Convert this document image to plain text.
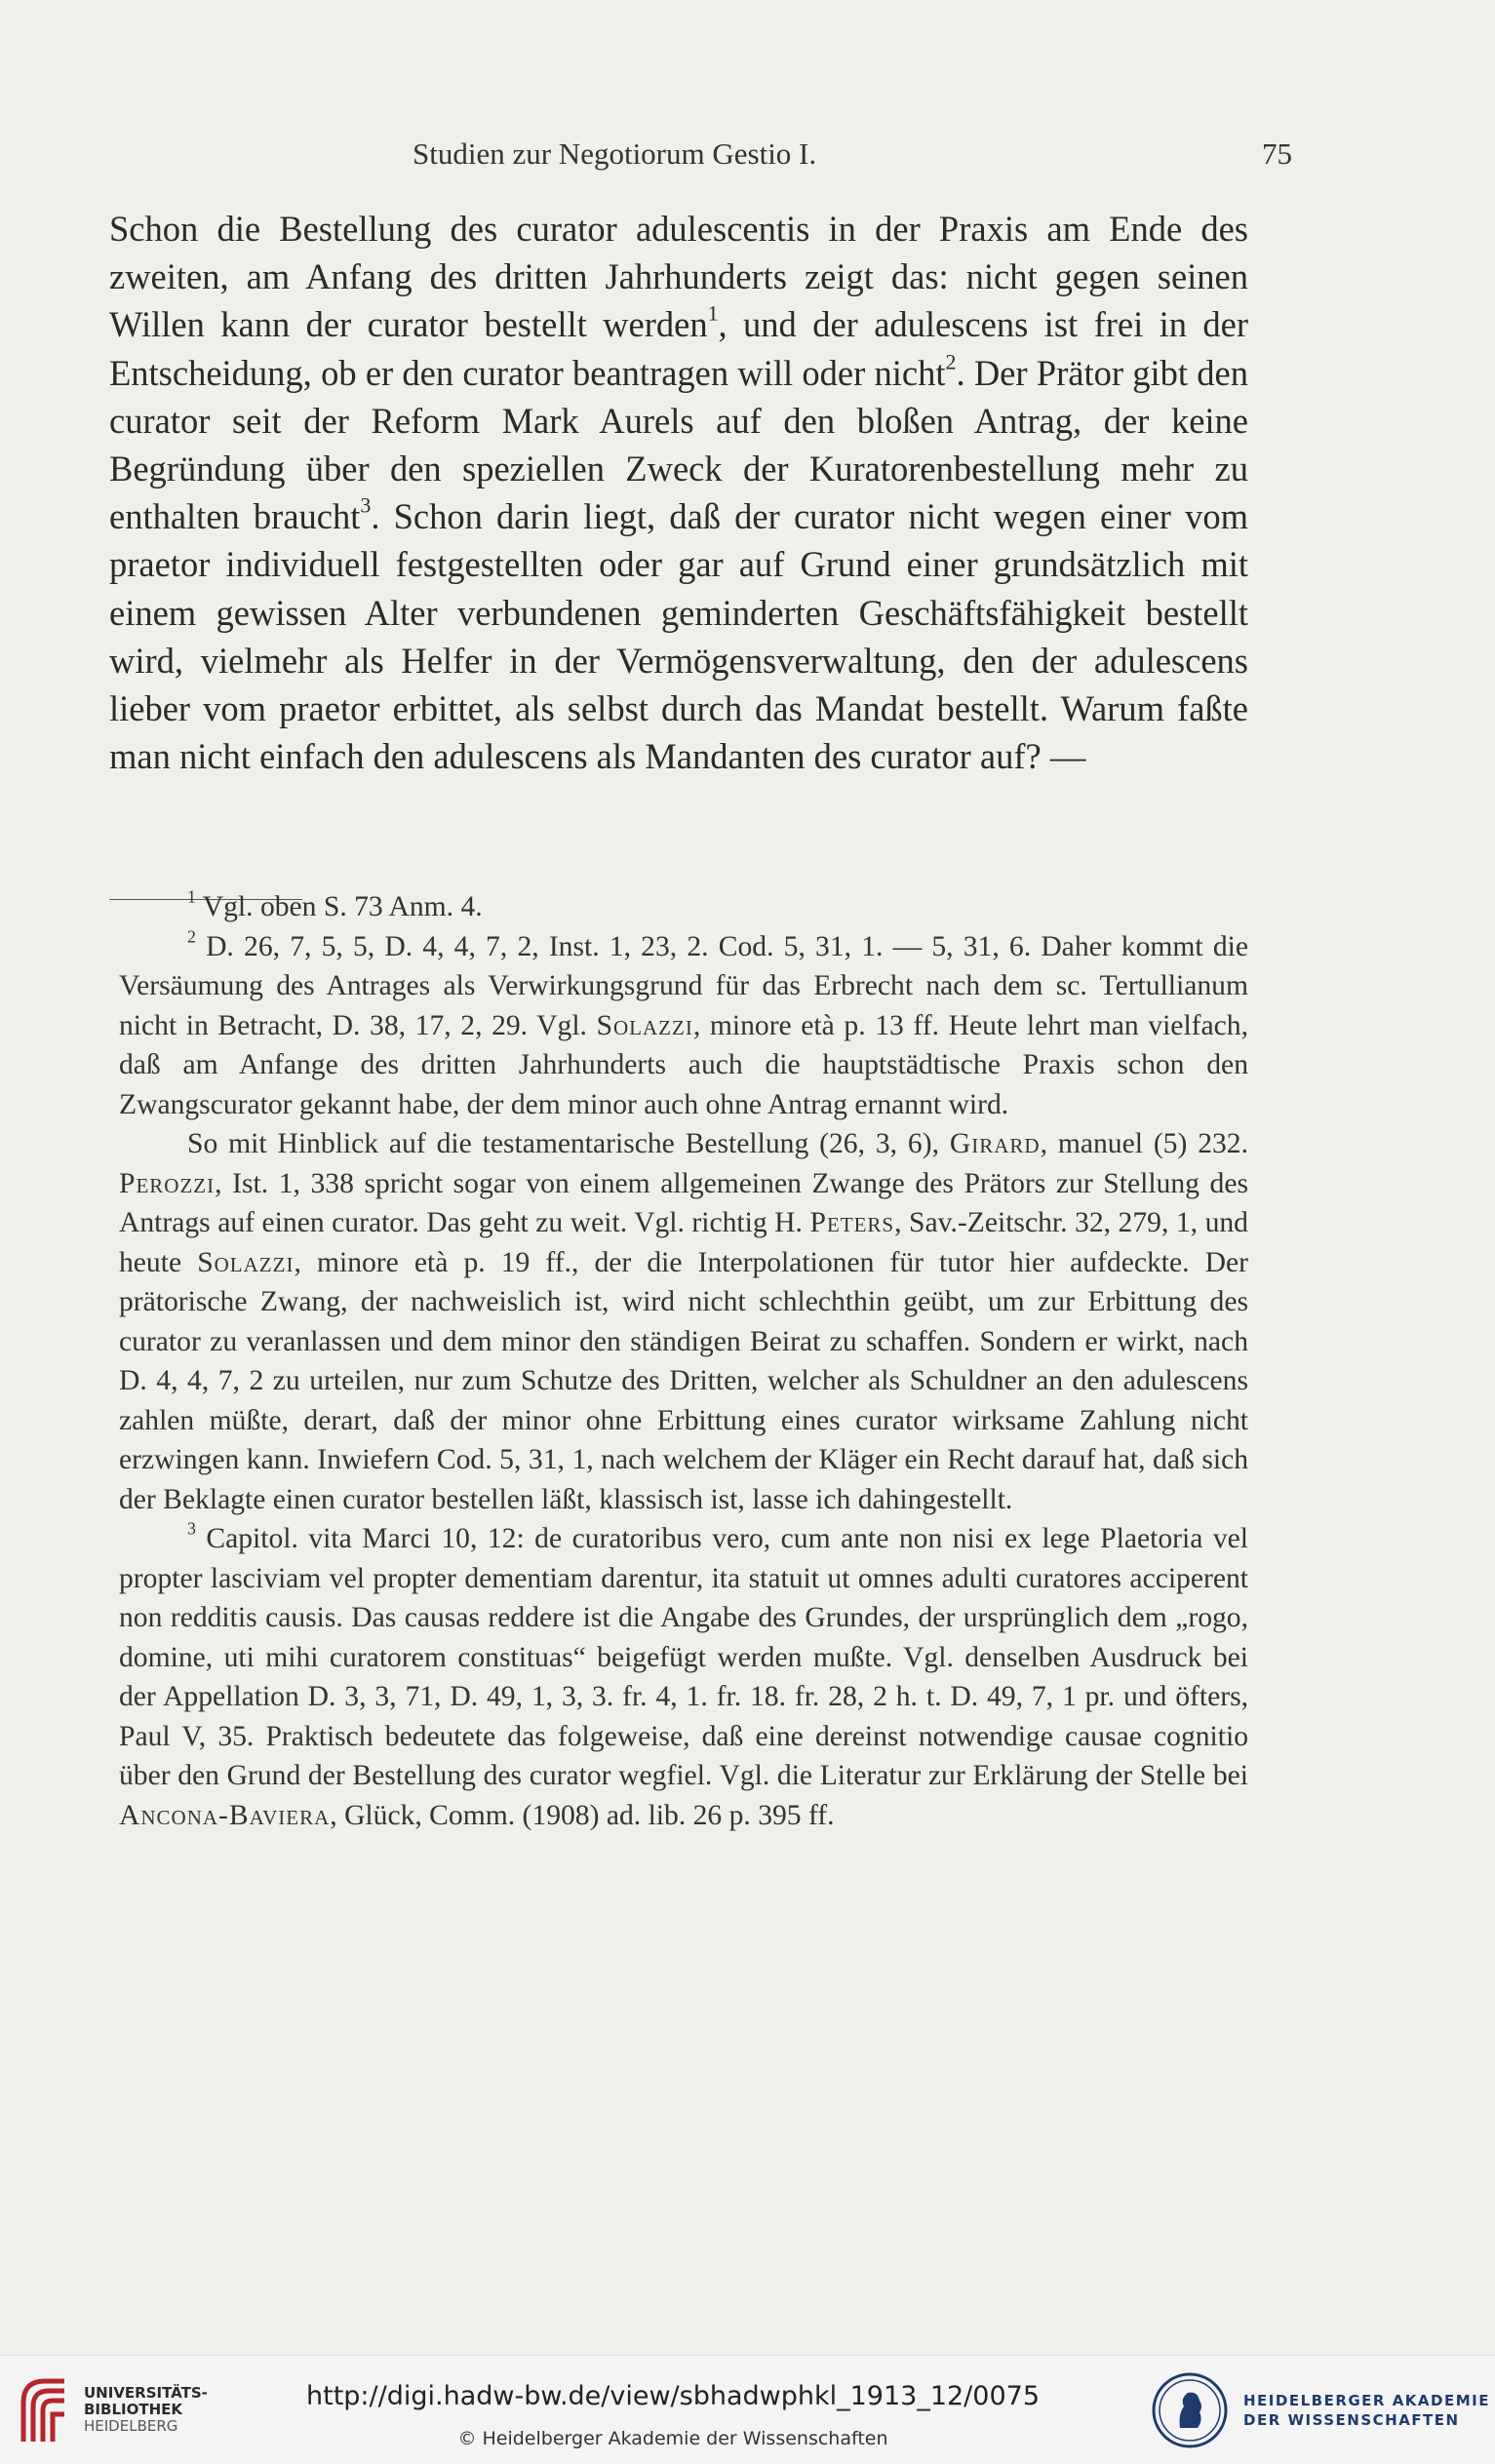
Studien zur Negotiorum Gestio I.	75

Schon die Bestellung des curator adulescentis in der Praxis am Ende des zweiten, am Anfang des dritten Jahrhunderts zeigt das: nicht gegen seinen Willen kann der curator bestellt werden$^1$, und der adulescens ist frei in der Entscheidung, ob er den curator beantragen will oder nicht$^2$. Der Prätor gibt den curator seit der Reform Mark Aurels auf den bloßen Antrag, der keine Begründung über den speziellen Zweck der Kuratorenbestellung mehr zu enthalten braucht$^3$. Schon darin liegt, daß der curator nicht wegen einer vom praetor individuell festgestellten oder gar auf Grund einer grundsätzlich mit einem gewissen Alter verbundenen geminderten Geschäftsfähigkeit bestellt wird, vielmehr als Helfer in der Vermögensverwaltung, den der adulescens lieber vom praetor erbittet, als selbst durch das Mandat bestellt. Warum faßte man nicht einfach den adulescens als Mandanten des curator auf? —

$^1$ Vgl. oben S. 73 Anm. 4.

$^2$ D. 26, 7, 5, 5, D. 4, 4, 7, 2, Inst. 1, 23, 2. Cod. 5, 31, 1. — 5, 31, 6. Daher kommt die Versäumung des Antrages als Verwirkungsgrund für das Erbrecht nach dem sc. Tertullianum nicht in Betracht, D. 38, 17, 2, 29. Vgl. Solazzi, minore età p. 13 ff. Heute lehrt man vielfach, daß am Anfange des dritten Jahrhunderts auch die hauptstädtische Praxis schon den Zwangscurator gekannt habe, der dem minor auch ohne Antrag ernannt wird.

So mit Hinblick auf die testamentarische Bestellung (26, 3, 6), Girard, manuel (5) 232. Perozzi, Ist. 1, 338 spricht sogar von einem allgemeinen Zwange des Prätors zur Stellung des Antrags auf einen curator. Das geht zu weit. Vgl. richtig H. Peters, Sav.-Zeitschr. 32, 279, 1, und heute Solazzi, minore età p. 19 ff., der die Interpolationen für tutor hier aufdeckte. Der prätorische Zwang, der nachweislich ist, wird nicht schlechthin geübt, um zur Erbittung des curator zu veranlassen und dem minor den ständigen Beirat zu schaffen. Sondern er wirkt, nach D. 4, 4, 7, 2 zu urteilen, nur zum Schutze des Dritten, welcher als Schuldner an den adulescens zahlen müßte, derart, daß der minor ohne Erbittung eines curator wirksame Zahlung nicht erzwingen kann. Inwiefern Cod. 5, 31, 1, nach welchem der Kläger ein Recht darauf hat, daß sich der Beklagte einen curator bestellen läßt, klassisch ist, lasse ich dahingestellt.

$^3$ Capitol. vita Marci 10, 12: de curatoribus vero, cum ante non nisi ex lege Plaetoria vel propter lasciviam vel propter dementiam darentur, ita statuit ut omnes adulti curatores acciperent non redditis causis. Das causas reddere ist die Angabe des Grundes, der ursprünglich dem „rogo, domine, uti mihi curatorem constituas“ beigefügt werden mußte. Vgl. denselben Ausdruck bei der Appellation D. 3, 3, 71, D. 49, 1, 3, 3. fr. 4, 1. fr. 18. fr. 28, 2 h. t. D. 49, 7, 1 pr. und öfters, Paul V, 35. Praktisch bedeutete das folgeweise, daß eine dereinst notwendige causae cognitio über den Grund der Bestellung des curator wegfiel. Vgl. die Literatur zur Erklärung der Stelle bei Ancona-Baviera, Glück, Comm. (1908) ad. lib. 26 p. 395 ff.

UNIVERSITÄTS-
BIBLIOTHEK
HEIDELBERG
http://digi.hadw-bw.de/view/sbhadwphkl_1913_12/0075
© Heidelberger Akademie der Wissenschaften
HEIDELBERGER AKADEMIE
DER WISSENSCHAFTEN
